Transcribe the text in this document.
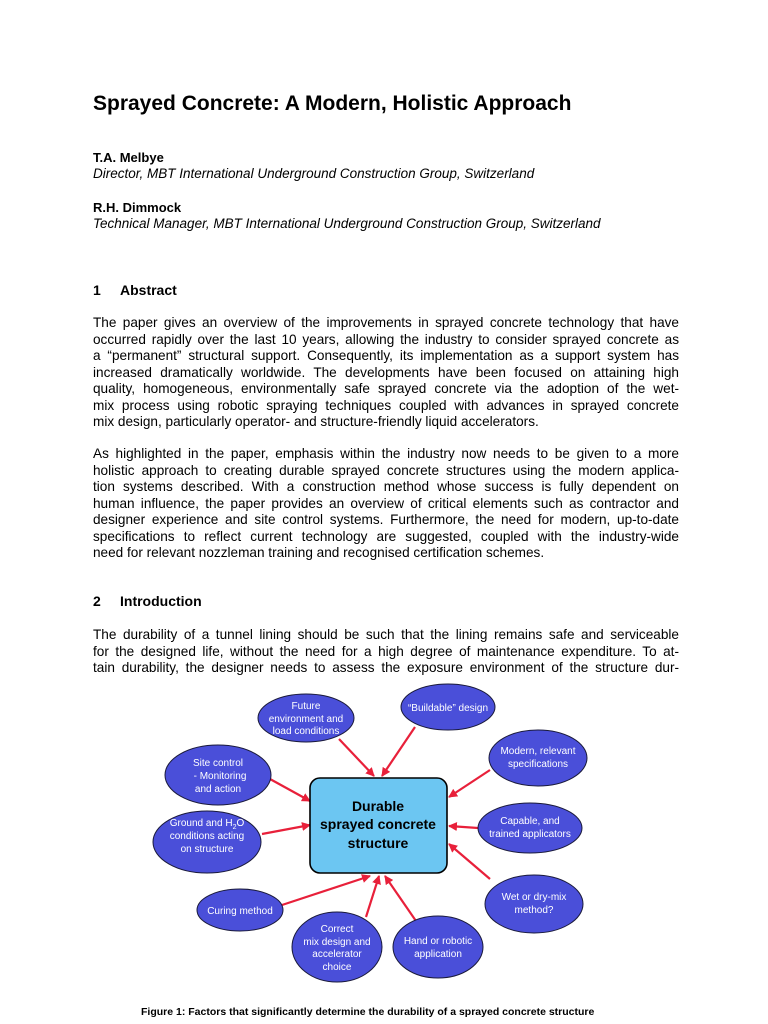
Sprayed Concrete: A Modern, Holistic Approach
T.A. Melbye
Director, MBT International Underground Construction Group, Switzerland
R.H. Dimmock
Technical Manager, MBT International Underground Construction Group, Switzerland
1 Abstract
The paper gives an overview of the improvements in sprayed concrete technology that have
occurred rapidly over the last 10 years, allowing the industry to consider sprayed concrete as
a “permanent” structural support. Consequently, its implementation as a support system has
increased dramatically worldwide. The developments have been focused on attaining high
quality, homogeneous, environmentally safe sprayed concrete via the adoption of the wet-
mix process using robotic spraying techniques coupled with advances in sprayed concrete
mix design, particularly operator- and structure-friendly liquid accelerators.
As highlighted in the paper, emphasis within the industry now needs to be given to a more
holistic approach to creating durable sprayed concrete structures using the modern applica-
tion systems described. With a construction method whose success is fully dependent on
human influence, the paper provides an overview of critical elements such as contractor and
designer experience and site control systems. Furthermore, the need for modern, up-to-date
specifications to reflect current technology are suggested, coupled with the industry-wide
need for relevant nozzleman training and recognised certification schemes.
2 Introduction
The durability of a tunnel lining should be such that the lining remains safe and serviceable
for the designed life, without the need for a high degree of maintenance expenditure. To at-
tain durability, the designer needs to assess the exposure environment of the structure dur-
Durable
sprayed concrete
structure
Future
environment and
load conditions
“Buildable” design
Site control
- Monitoring
and action
Modern, relevant
specifications
conditions acting
Ground and $H_2O$
on structure
Capable, and
trained applicators
Wet or dry-mix
method?
Curing method
Correct
mix design and
accelerator
choice
Hand or robotic
application
Figure 1: Factors that significantly determine the durability of a sprayed concrete structure
